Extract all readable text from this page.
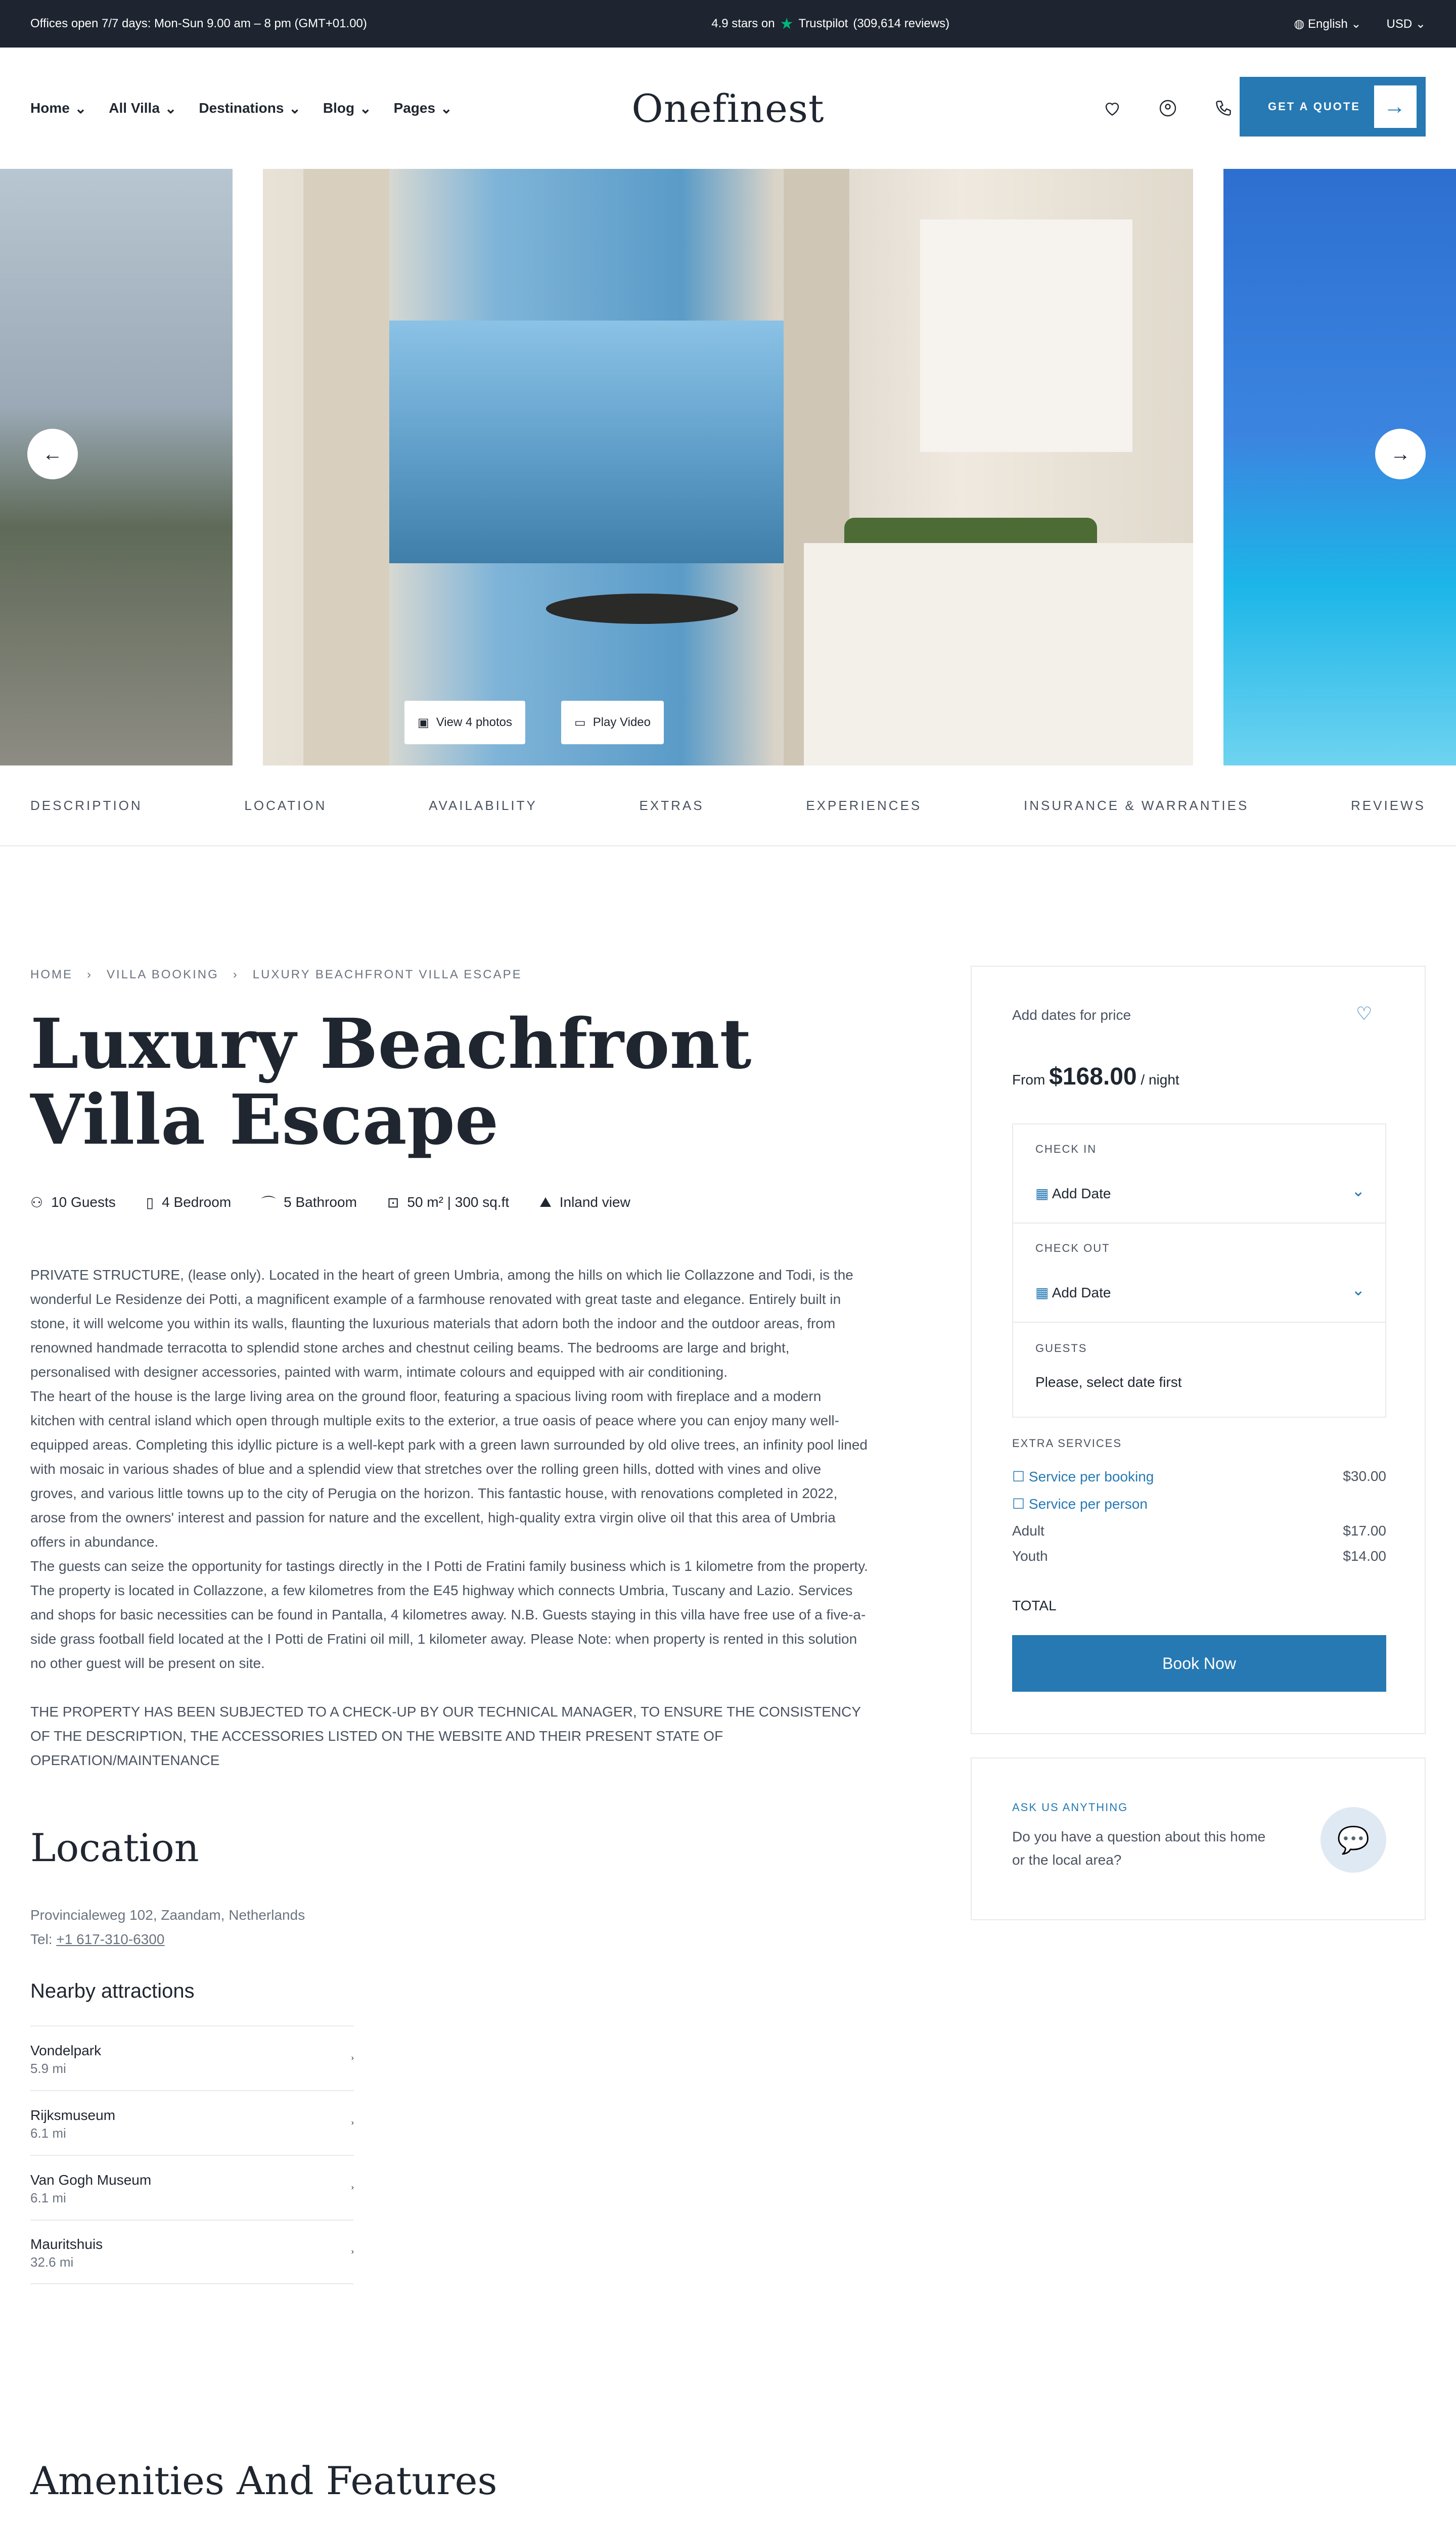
Offices open 7/7 days: Mon-Sun 9.00 am – 8 pm (GMT+01.00)	4.9 stars on ★ Trustpilot (309,614 reviews)	◍ English ⌄ USD ⌄
Home ⌄ All Villa ⌄ Destinations ⌄ Blog ⌄ Pages ⌄	Onefinest	GET A QUOTE	→
←	→
▣ View 4 photos	▭ Play Video
DESCRIPTION	LOCATION	AVAILABILITY	EXTRAS	EXPERIENCES	INSURANCE & WARRANTIES	REVIEWS
HOME › VILLA BOOKING › LUXURY BEACHFRONT VILLA ESCAPE
Luxury Beachfront Villa Escape
⚇ 10 Guests ▯ 4 Bedroom ⌒ 5 Bathroom ⊡ 50 m² | 300 sq.ft ⛰ Inland view

PRIVATE STRUCTURE, (lease only). Located in the heart of green Umbria, among the hills on which lie Collazzone and Todi, is the wonderful Le Residenze dei Potti, a magnificent example of a farmhouse renovated with great taste and elegance. Entirely built in stone, it will welcome you within its walls, flaunting the luxurious materials that adorn both the indoor and the outdoor areas, from renowned handmade terracotta to splendid stone arches and chestnut ceiling beams. The bedrooms are large and bright, personalised with designer accessories, painted with warm, intimate colours and equipped with air conditioning.

The heart of the house is the large living area on the ground floor, featuring a spacious living room with fireplace and a modern kitchen with central island which open through multiple exits to the exterior, a true oasis of peace where you can enjoy many well-equipped areas. Completing this idyllic picture is a well-kept park with a green lawn surrounded by old olive trees, an infinity pool lined with mosaic in various shades of blue and a splendid view that stretches over the rolling green hills, dotted with vines and olive groves, and various little towns up to the city of Perugia on the horizon. This fantastic house, with renovations completed in 2022, arose from the owners' interest and passion for nature and the excellent, high-quality extra virgin olive oil that this area of Umbria offers in abundance.

The guests can seize the opportunity for tastings directly in the I Potti de Fratini family business which is 1 kilometre from the property. The property is located in Collazzone, a few kilometres from the E45 highway which connects Umbria, Tuscany and Lazio. Services and shops for basic necessities can be found in Pantalla, 4 kilometres away. N.B. Guests staying in this villa have free use of a five-a-side grass football field located at the I Potti de Fratini oil mill, 1 kilometer away. Please Note: when property is rented in this solution no other guest will be present on site.

THE PROPERTY HAS BEEN SUBJECTED TO A CHECK-UP BY OUR TECHNICAL MANAGER, TO ENSURE THE CONSISTENCY OF THE DESCRIPTION, THE ACCESSORIES LISTED ON THE WEBSITE AND THEIR PRESENT STATE OF OPERATION/MAINTENANCE

Location
Provincialeweg 102, Zaandam, Netherlands
Tel: +1 617-310-6300
Nearby attractions
Vondelpark
5.9 mi
›
Rijksmuseum
6.1 mi
›
Van Gogh Museum
6.1 mi
›
Mauritshuis
32.6 mi
›
Amenities And Features
Add dates for price	♡
From $168.00 / night
CHECK IN
▦ Add Date	⌄
CHECK OUT
▦ Add Date	⌄
GUESTS
Please, select date first
EXTRA SERVICES
☐ Service per booking	$30.00
☐ Service per person
Adult	$17.00
Youth	$14.00
TOTAL
Book Now
ASK US ANYTHING
Do you have a question about this home or the local area?
💬
